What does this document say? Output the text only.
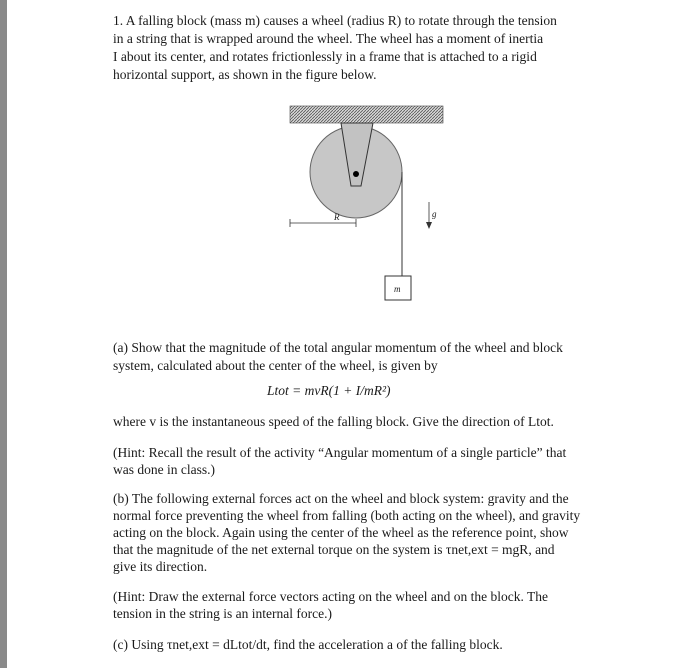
1. A falling block (mass m) causes a wheel (radius R) to rotate through the tension
in a string that is wrapped around the wheel. The wheel has a moment of inertia
I about its center, and rotates frictionlessly in a frame that is attached to a rigid
horizontal support, as shown in the figure below.
R	g
m
(a) Show that the magnitude of the total angular momentum of the wheel and block
system, calculated about the center of the wheel, is given by
Ltot = mvR(1 + I/mR²)
where v is the instantaneous speed of the falling block. Give the direction of Ltot.
(Hint: Recall the result of the activity “Angular momentum of a single particle” that
was done in class.)
(b) The following external forces act on the wheel and block system: gravity and the
normal force preventing the wheel from falling (both acting on the wheel), and gravity
acting on the block. Again using the center of the wheel as the reference point, show
that the magnitude of the net external torque on the system is τnet,ext = mgR, and
give its direction.
(Hint: Draw the external force vectors acting on the wheel and on the block. The
tension in the string is an internal force.)
(c) Using τnet,ext = dLtot/dt, find the acceleration a of the falling block.
